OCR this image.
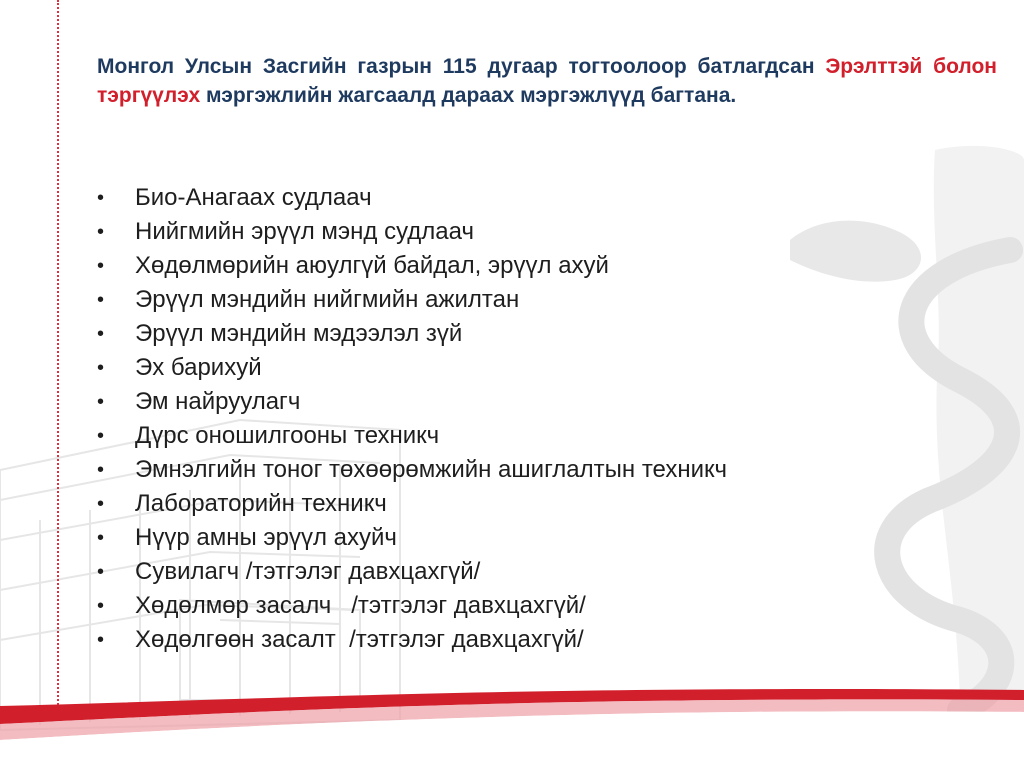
Монгол Улсын Засгийн газрын 115 дугаар тогтоолоор батлагдсан Эрэлттэй болон тэргүүлэх мэргэжлийн жагсаалд дараах мэргэжлүүд багтана.
•	Био-Анагаах судлаач
•	Нийгмийн эрүүл мэнд судлаач
•	Хөдөлмөрийн аюулгүй байдал, эрүүл ахуй
•	Эрүүл мэндийн нийгмийн ажилтан
•	Эрүүл мэндийн мэдээлэл зүй
•	Эх барихуй
•	Эм найруулагч
•	Дүрс оношилгооны техникч
•	Эмнэлгийн тоног төхөөрөмжийн ашиглалтын техникч
•	Лабораторийн техникч
•	Нүүр амны эрүүл ахуйч
•	Сувилагч /тэтгэлэг давхцахгүй/
•	Хөдөлмөр засалч   /тэтгэлэг давхцахгүй/
•	Хөдөлгөөн засалт  /тэтгэлэг давхцахгүй/
